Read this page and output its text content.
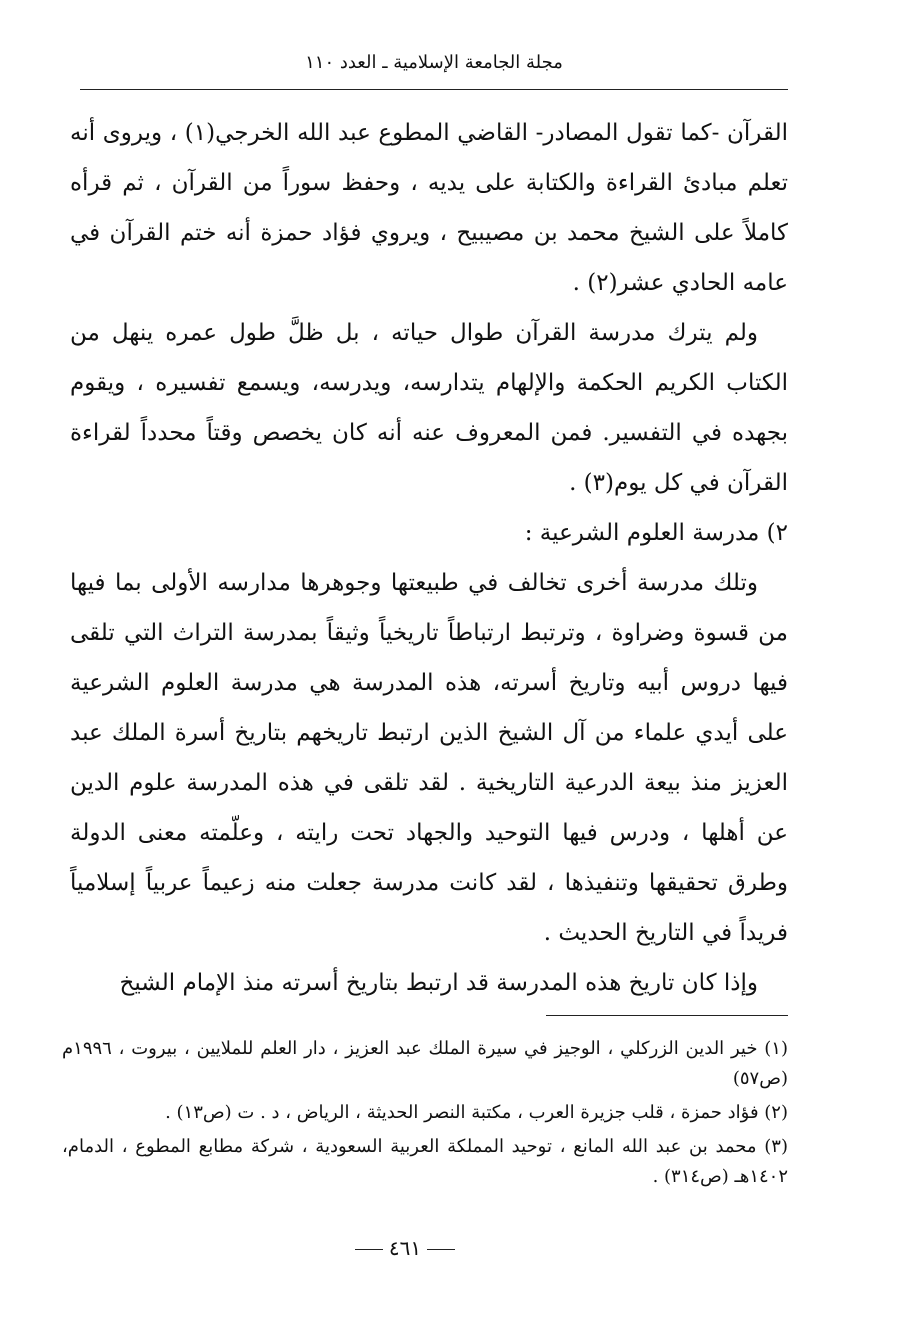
مجلة الجامعة الإسلامية ـ العدد ١١٠

القرآن -كما تقول المصادر- القاضي المطوع عبد الله الخرجي(١) ، ويروى أنه تعلم مبادئ القراءة والكتابة على يديه ، وحفظ سوراً من القرآن ، ثم قرأه كاملاً على الشيخ محمد بن مصيبيح ، ويروي فؤاد حمزة أنه ختم القرآن في عامه الحادي عشر(٢) .

ولم يترك مدرسة القرآن طوال حياته ، بل ظلَّ طول عمره ينهل من الكتاب الكريم الحكمة والإلهام يتدارسه، ويدرسه، ويسمع تفسيره ، ويقوم بجهده في التفسير. فمن المعروف عنه أنه كان يخصص وقتاً محدداً لقراءة القرآن في كل يوم(٣) .

٢) مدرسة العلوم الشرعية :

وتلك مدرسة أخرى تخالف في طبيعتها وجوهرها مدارسه الأولى بما فيها من قسوة وضراوة ، وترتبط ارتباطاً تاريخياً وثيقاً بمدرسة التراث التي تلقى فيها دروس أبيه وتاريخ أسرته، هذه المدرسة هي مدرسة العلوم الشرعية على أيدي علماء من آل الشيخ الذين ارتبط تاريخهم بتاريخ أسرة الملك عبد العزيز منذ بيعة الدرعية التاريخية . لقد تلقى في هذه المدرسة علوم الدين عن أهلها ، ودرس فيها التوحيد والجهاد تحت رايته ، وعلّمته معنى الدولة وطرق تحقيقها وتنفيذها ، لقد كانت مدرسة جعلت منه زعيماً عربياً إسلامياً فريداً في التاريخ الحديث .

وإذا كان تاريخ هذه المدرسة قد ارتبط بتاريخ أسرته منذ الإمام الشيخ

(١) خير الدين الزركلي ، الوجيز في سيرة الملك عبد العزيز ، دار العلم للملايين ، بيروت ، ١٩٩٦م (ص٥٧)

(٢) فؤاد حمزة ، قلب جزيرة العرب ، مكتبة النصر الحديثة ، الرياض ، د . ت (ص١٣) .

(٣) محمد بن عبد الله المانع ، توحيد المملكة العربية السعودية ، شركة مطابع المطوع ، الدمام، ١٤٠٢هـ (ص٣١٤) .

٤٦١
